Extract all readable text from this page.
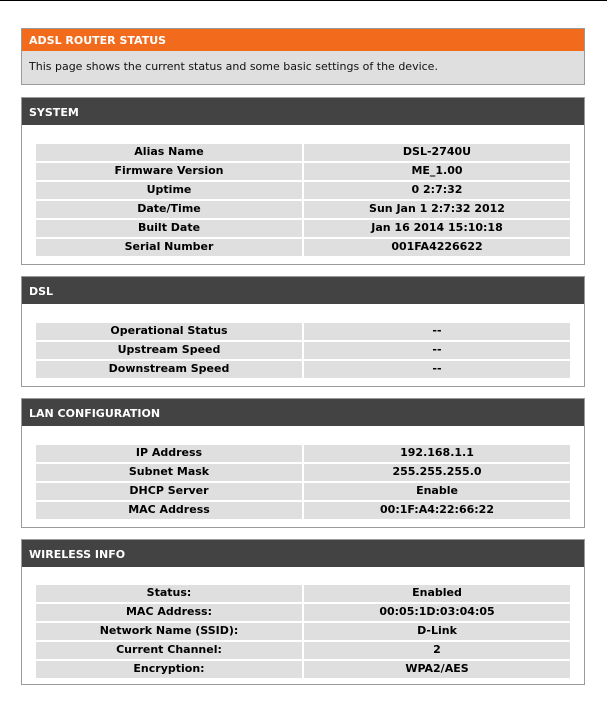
ADSL ROUTER STATUS
This page shows the current status and some basic settings of the device.
SYSTEM
Alias Name	DSL-2740U
Firmware Version	ME_1.00
Uptime	0 2:7:32
Date/Time	Sun Jan 1 2:7:32 2012
Built Date	Jan 16 2014 15:10:18
Serial Number	001FA4226622
DSL
Operational Status	--
Upstream Speed	--
Downstream Speed	--
LAN CONFIGURATION
IP Address	192.168.1.1
Subnet Mask	255.255.255.0
DHCP Server	Enable
MAC Address	00:1F:A4:22:66:22
WIRELESS INFO
Status:	Enabled
MAC Address:	00:05:1D:03:04:05
Network Name (SSID):	D-Link
Current Channel:	2
Encryption:	WPA2/AES
